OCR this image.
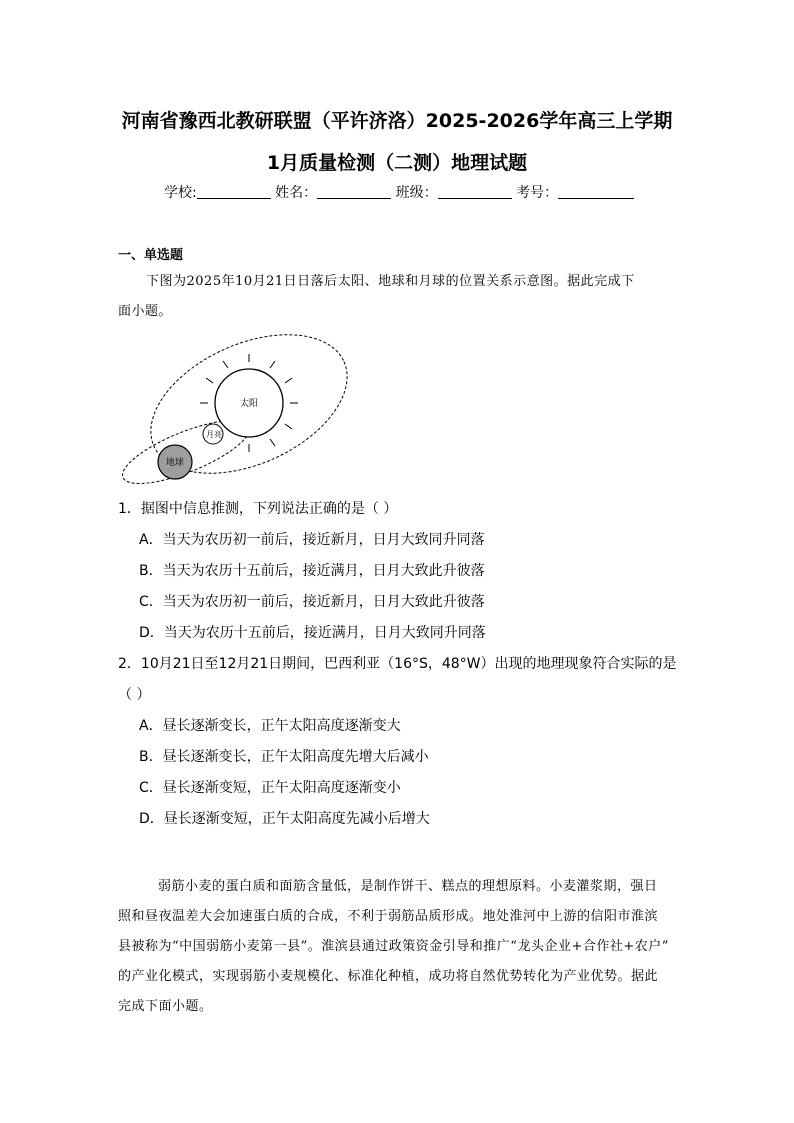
河南省豫西北教研联盟（平许济洛）2025-2026学年高三上学期
1月质量检测（二测）地理试题
学校:	姓名：	班级：	考号：
一、单选题
下图为2025年10月21日日落后太阳、地球和月球的位置关系示意图。据此完成下
面小题。
太阳
月亮
地球
1．据图中信息推测，下列说法正确的是（ ）
A．当天为农历初一前后，接近新月，日月大致同升同落
B．当天为农历十五前后，接近满月，日月大致此升彼落
C．当天为农历初一前后，接近新月，日月大致此升彼落
D．当天为农历十五前后，接近满月，日月大致同升同落
2．10月21日至12月21日期间，巴西利亚（16°S，48°W）出现的地理现象符合实际的是
（ ）
A．昼长逐渐变长，正午太阳高度逐渐变大
B．昼长逐渐变长，正午太阳高度先增大后减小
C．昼长逐渐变短，正午太阳高度逐渐变小
D．昼长逐渐变短，正午太阳高度先减小后增大
弱筋小麦的蛋白质和面筋含量低，是制作饼干、糕点的理想原料。小麦灌浆期，强日
照和昼夜温差大会加速蛋白质的合成，不利于弱筋品质形成。地处淮河中上游的信阳市淮滨
县被称为“中国弱筋小麦第一县”。淮滨县通过政策资金引导和推广“龙头企业+合作社+农户”
的产业化模式，实现弱筋小麦规模化、标准化种植，成功将自然优势转化为产业优势。据此
完成下面小题。
